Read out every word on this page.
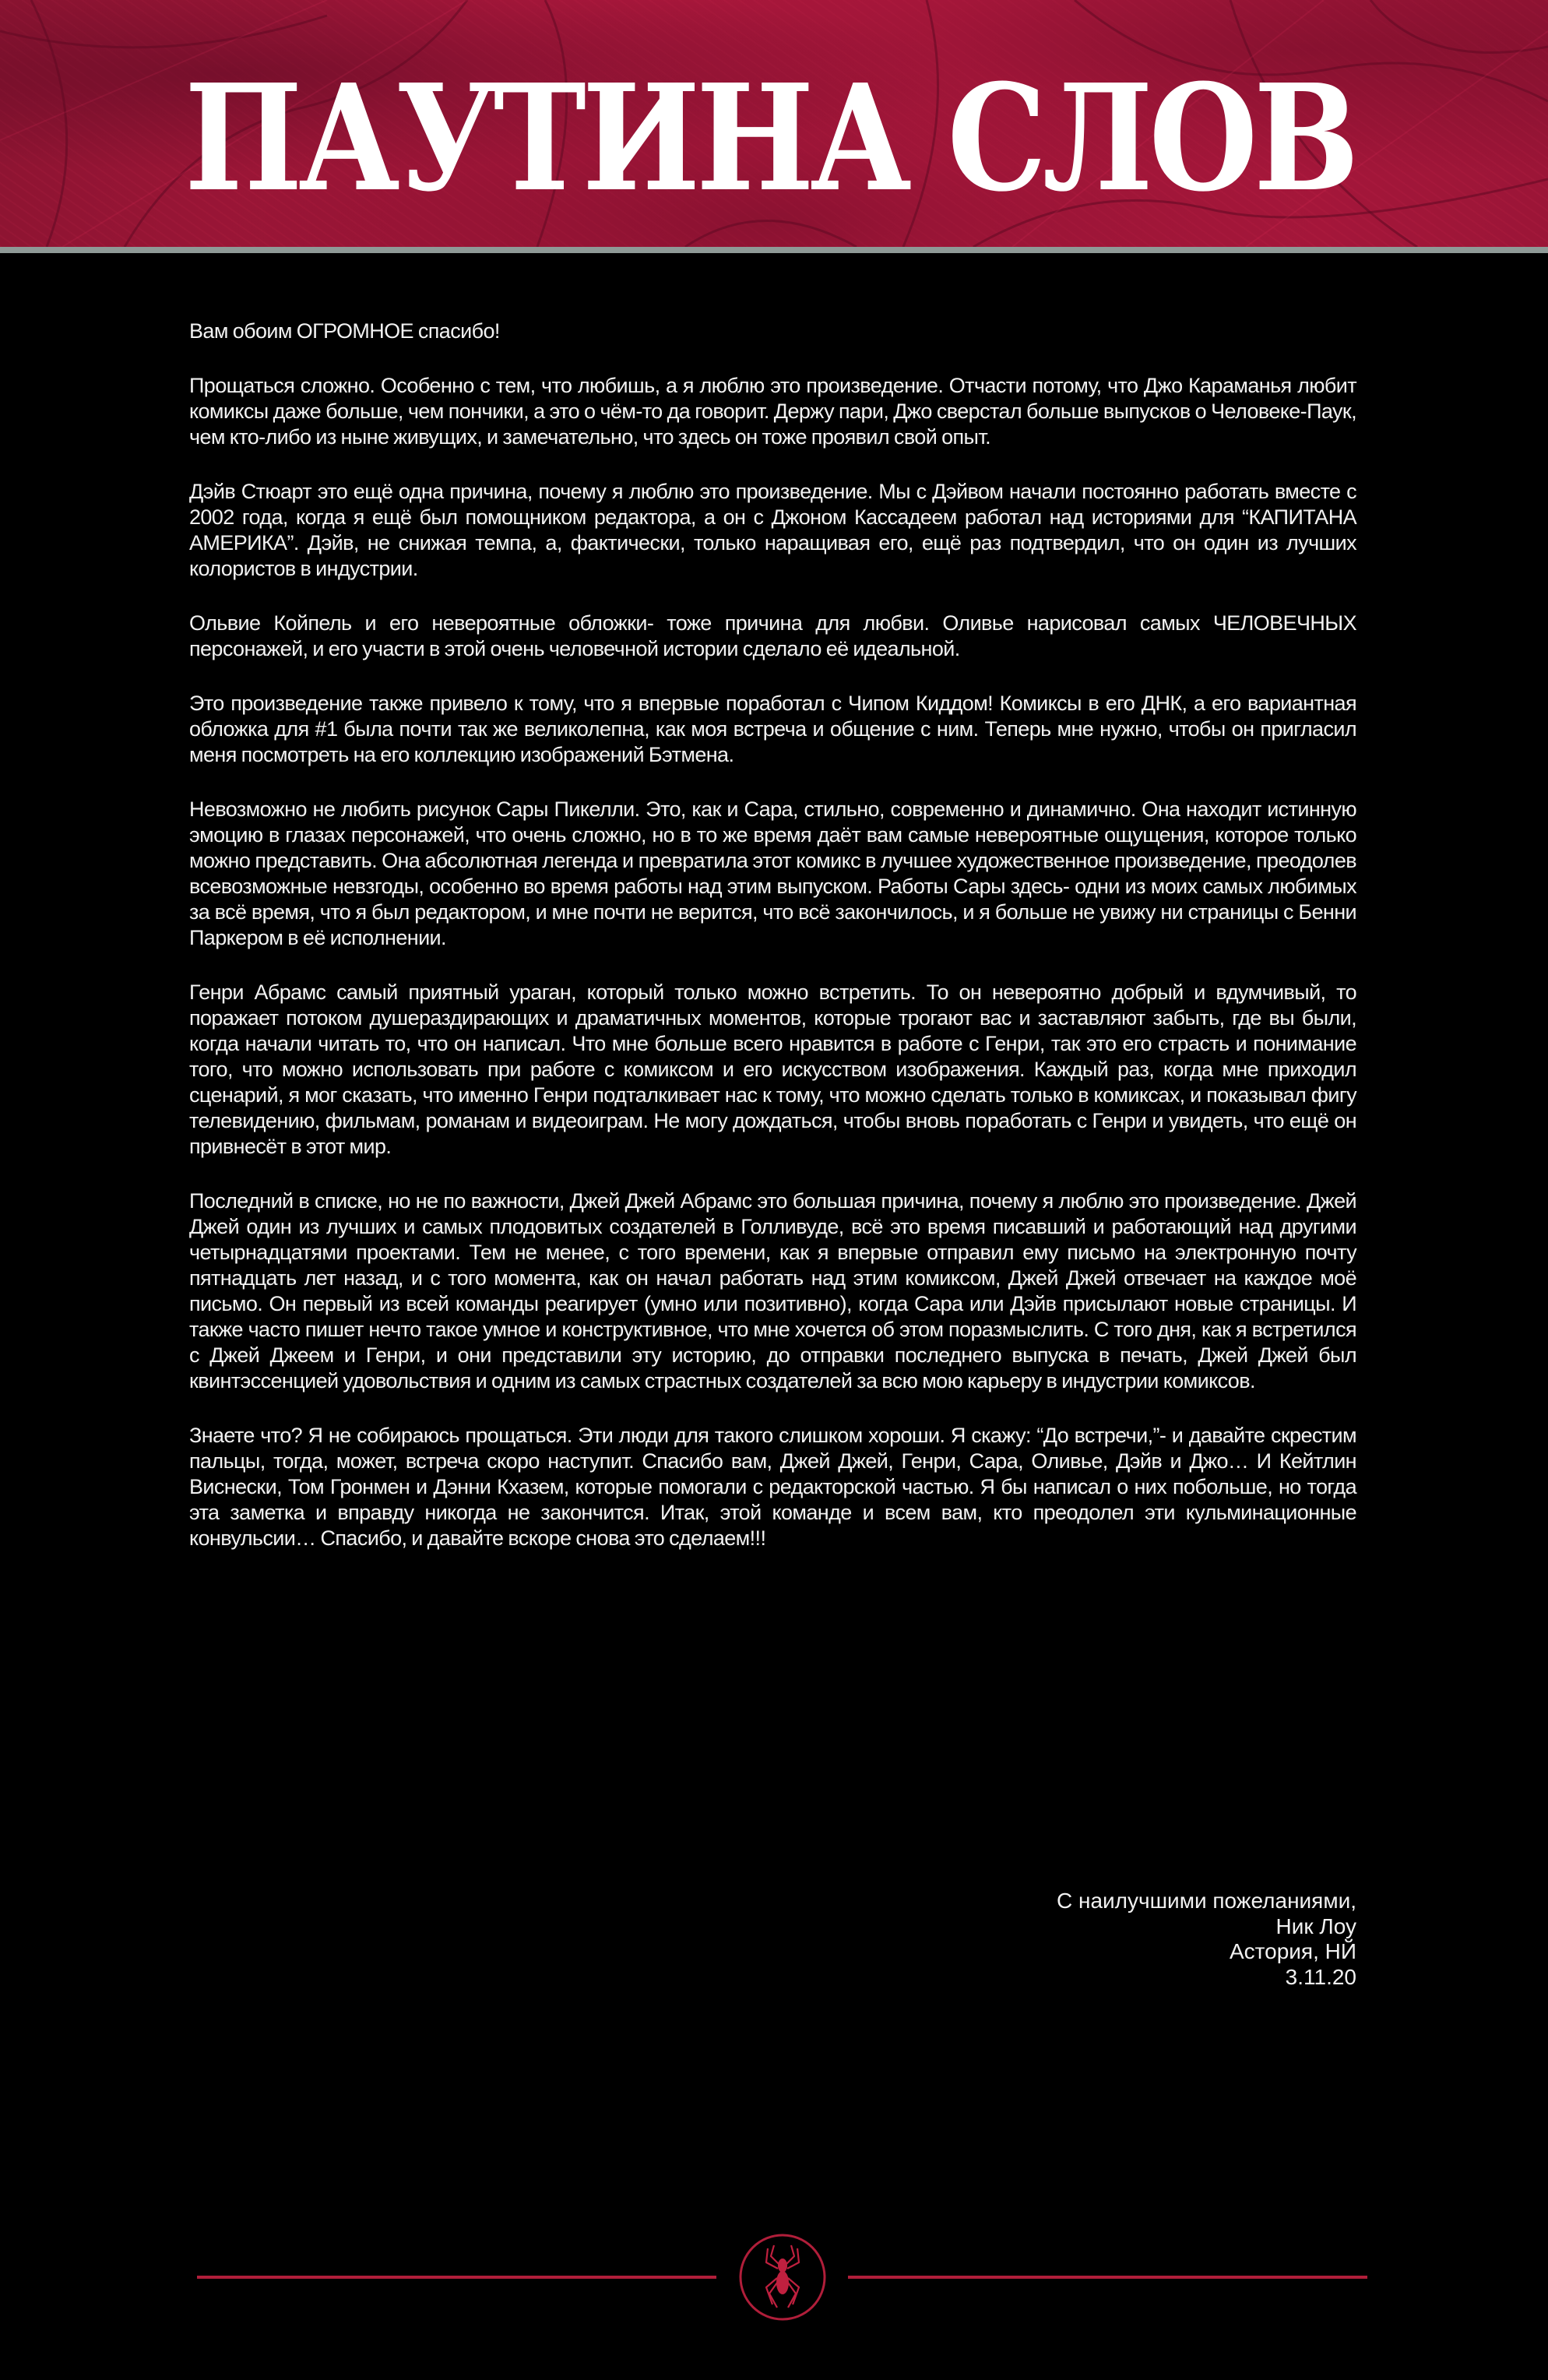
ПАУТИНА СЛОВ

Вам обоим ОГРОМНОЕ спасибо!

Прощаться сложно. Особенно с тем, что любишь, а я люблю это произведение. Отчасти потому, что Джо Караманья любит комиксы даже больше, чем пончики, а это о чём-то да говорит. Держу пари, Джо сверстал больше выпусков о Человеке-Паук, чем кто-либо из ныне живущих, и замечательно, что здесь он тоже проявил свой опыт.

Дэйв Стюарт это ещё одна причина, почему я люблю это произведение. Мы с Дэйвом начали постоянно работать вместе с 2002 года, когда я ещё был помощником редактора, а он с Джоном Кассадеем работал над историями для “КАПИТАНА АМЕРИКА”. Дэйв, не снижая темпа, а, фактически, только наращивая его, ещё раз подтвердил, что он один из лучших колористов в индустрии.

Ольвие Койпель и его невероятные обложки- тоже причина для любви. Оливье нарисовал самых ЧЕЛОВЕЧНЫХ персонажей, и его участи в этой очень человечной истории сделало её идеальной.

Это произведение также привело к тому, что я впервые поработал с Чипом Киддом! Комиксы в его ДНК, а его вариантная обложка для #1 была почти так же великолепна, как моя встреча и общение с ним. Теперь мне нужно, чтобы он пригласил меня посмотреть на его коллекцию изображений Бэтмена.

Невозможно не любить рисунок Сары Пикелли. Это, как и Сара, стильно, современно и динамично. Она находит истинную эмоцию в глазах персонажей, что очень сложно, но в то же время даёт вам самые невероятные ощущения, которое только можно представить. Она абсолютная легенда и превратила этот комикс в лучшее художественное произведение, преодолев всевозможные невзгоды, особенно во время работы над этим выпуском. Работы Сары здесь- одни из моих самых любимых за всё время, что я был редактором, и мне почти не верится, что всё закончилось, и я больше не увижу ни страницы с Бенни Паркером в её исполнении.

Генри Абрамс самый приятный ураган, который только можно встретить. То он невероятно добрый и вдумчивый, то поражает потоком душераздирающих и драматичных моментов, которые трогают вас и заставляют забыть, где вы были, когда начали читать то, что он написал. Что мне больше всего нравится в работе с Генри, так это его страсть и понимание того, что можно использовать при работе с комиксом и его искусством изображения. Каждый раз, когда мне приходил сценарий, я мог сказать, что именно Генри подталкивает нас к тому, что можно сделать только в комиксах, и показывал фигу телевидению, фильмам, романам и видеоиграм. Не могу дождаться, чтобы вновь поработать с Генри и увидеть, что ещё он привнесёт в этот мир.

Последний в списке, но не по важности, Джей Джей Абрамс это большая причина, почему я люблю это произведение. Джей Джей один из лучших и самых плодовитых создателей в Голливуде, всё это время писавший и работающий над другими четырнадцатями проектами. Тем не менее, с того времени, как я впервые отправил ему письмо на электронную почту пятнадцать лет назад, и с того момента, как он начал работать над этим комиксом, Джей Джей отвечает на каждое моё письмо. Он первый из всей команды реагирует (умно или позитивно), когда Сара или Дэйв присылают новые страницы. И также часто пишет нечто такое умное и конструктивное, что мне хочется об этом поразмыслить. С того дня, как я встретился с Джей Джеем и Генри, и они представили эту историю, до отправки последнего выпуска в печать, Джей Джей был квинтэссенцией удовольствия и одним из самых страстных создателей за всю мою карьеру в индустрии комиксов.

Знаете что? Я не собираюсь прощаться. Эти люди для такого слишком хороши. Я скажу: “До встречи,”- и давайте скрестим пальцы, тогда, может, встреча скоро наступит. Спасибо вам, Джей Джей, Генри, Сара, Оливье, Дэйв и Джо… И Кейтлин Виснески, Том Гронмен и Дэнни Кхазем, которые помогали с редакторской частью. Я бы написал о них побольше, но тогда эта заметка и вправду никогда не закончится. Итак, этой команде и всем вам, кто преодолел эти кульминационные конвульсии… Спасибо, и давайте вскоре снова это сделаем!!!

С наилучшими пожеланиями,
Ник Лоу
Астория, НЙ
3.11.20
